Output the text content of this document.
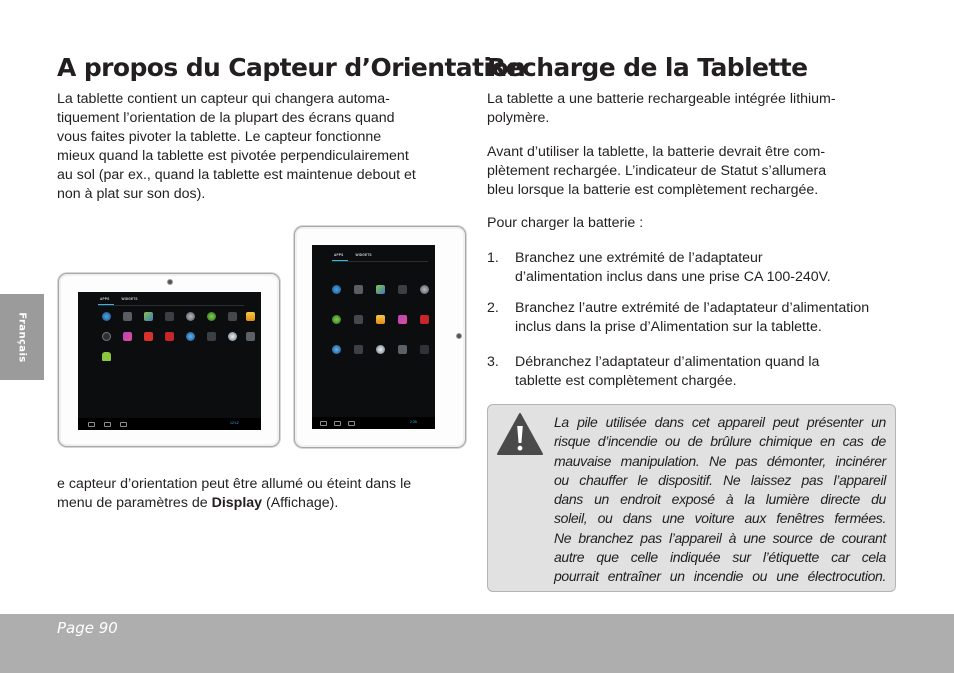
Français
A propos du Capteur d’Orientation

La tablette contient un capteur qui changera automa-

tiquement l’orientation de la plupart des écrans quand

vous faites pivoter la tablette. Le capteur fonctionne

mieux quand la tablette est pivotée perpendiculairement

au sol (par ex., quand la tablette est maintenue debout et

non à plat sur son dos).

APPS	WIDGETS
12:12
APPS	WIDGETS
2:35

e capteur d’orientation peut être allumé ou éteint dans le

menu de paramètres de Display (Affichage).

Recharge de la Tablette

La tablette a une batterie rechargeable intégrée lithium-

polymère.

Avant d’utiliser la tablette, la batterie devrait être com-

plètement rechargée. L’indicateur de Statut s’allumera

bleu lorsque la batterie est complètement rechargée.

Pour charger la batterie :

1. Branchez une extrémité de l’adaptateur
d’alimentation inclus dans une prise CA 100-240V.
2. Branchez l’autre extrémité de l’adaptateur d’alimentation
inclus dans la prise d’Alimentation sur la tablette.
3. Débranchez l’adaptateur d’alimentation quand la
tablette est complètement chargée.
La pile utilisée dans cet appareil peut présenter un
risque d’incendie ou de brûlure chimique en cas de
mauvaise manipulation. Ne pas démonter, incinérer
ou chauffer le dispositif. Ne laissez pas l’appareil
dans un endroit exposé à la lumière directe du
soleil, ou dans une voiture aux fenêtres fermées.
Ne branchez pas l’appareil à une source de courant
autre que celle indiquée sur l’étiquette car cela
pourrait entraîner un incendie ou une électrocution.
Page 90
